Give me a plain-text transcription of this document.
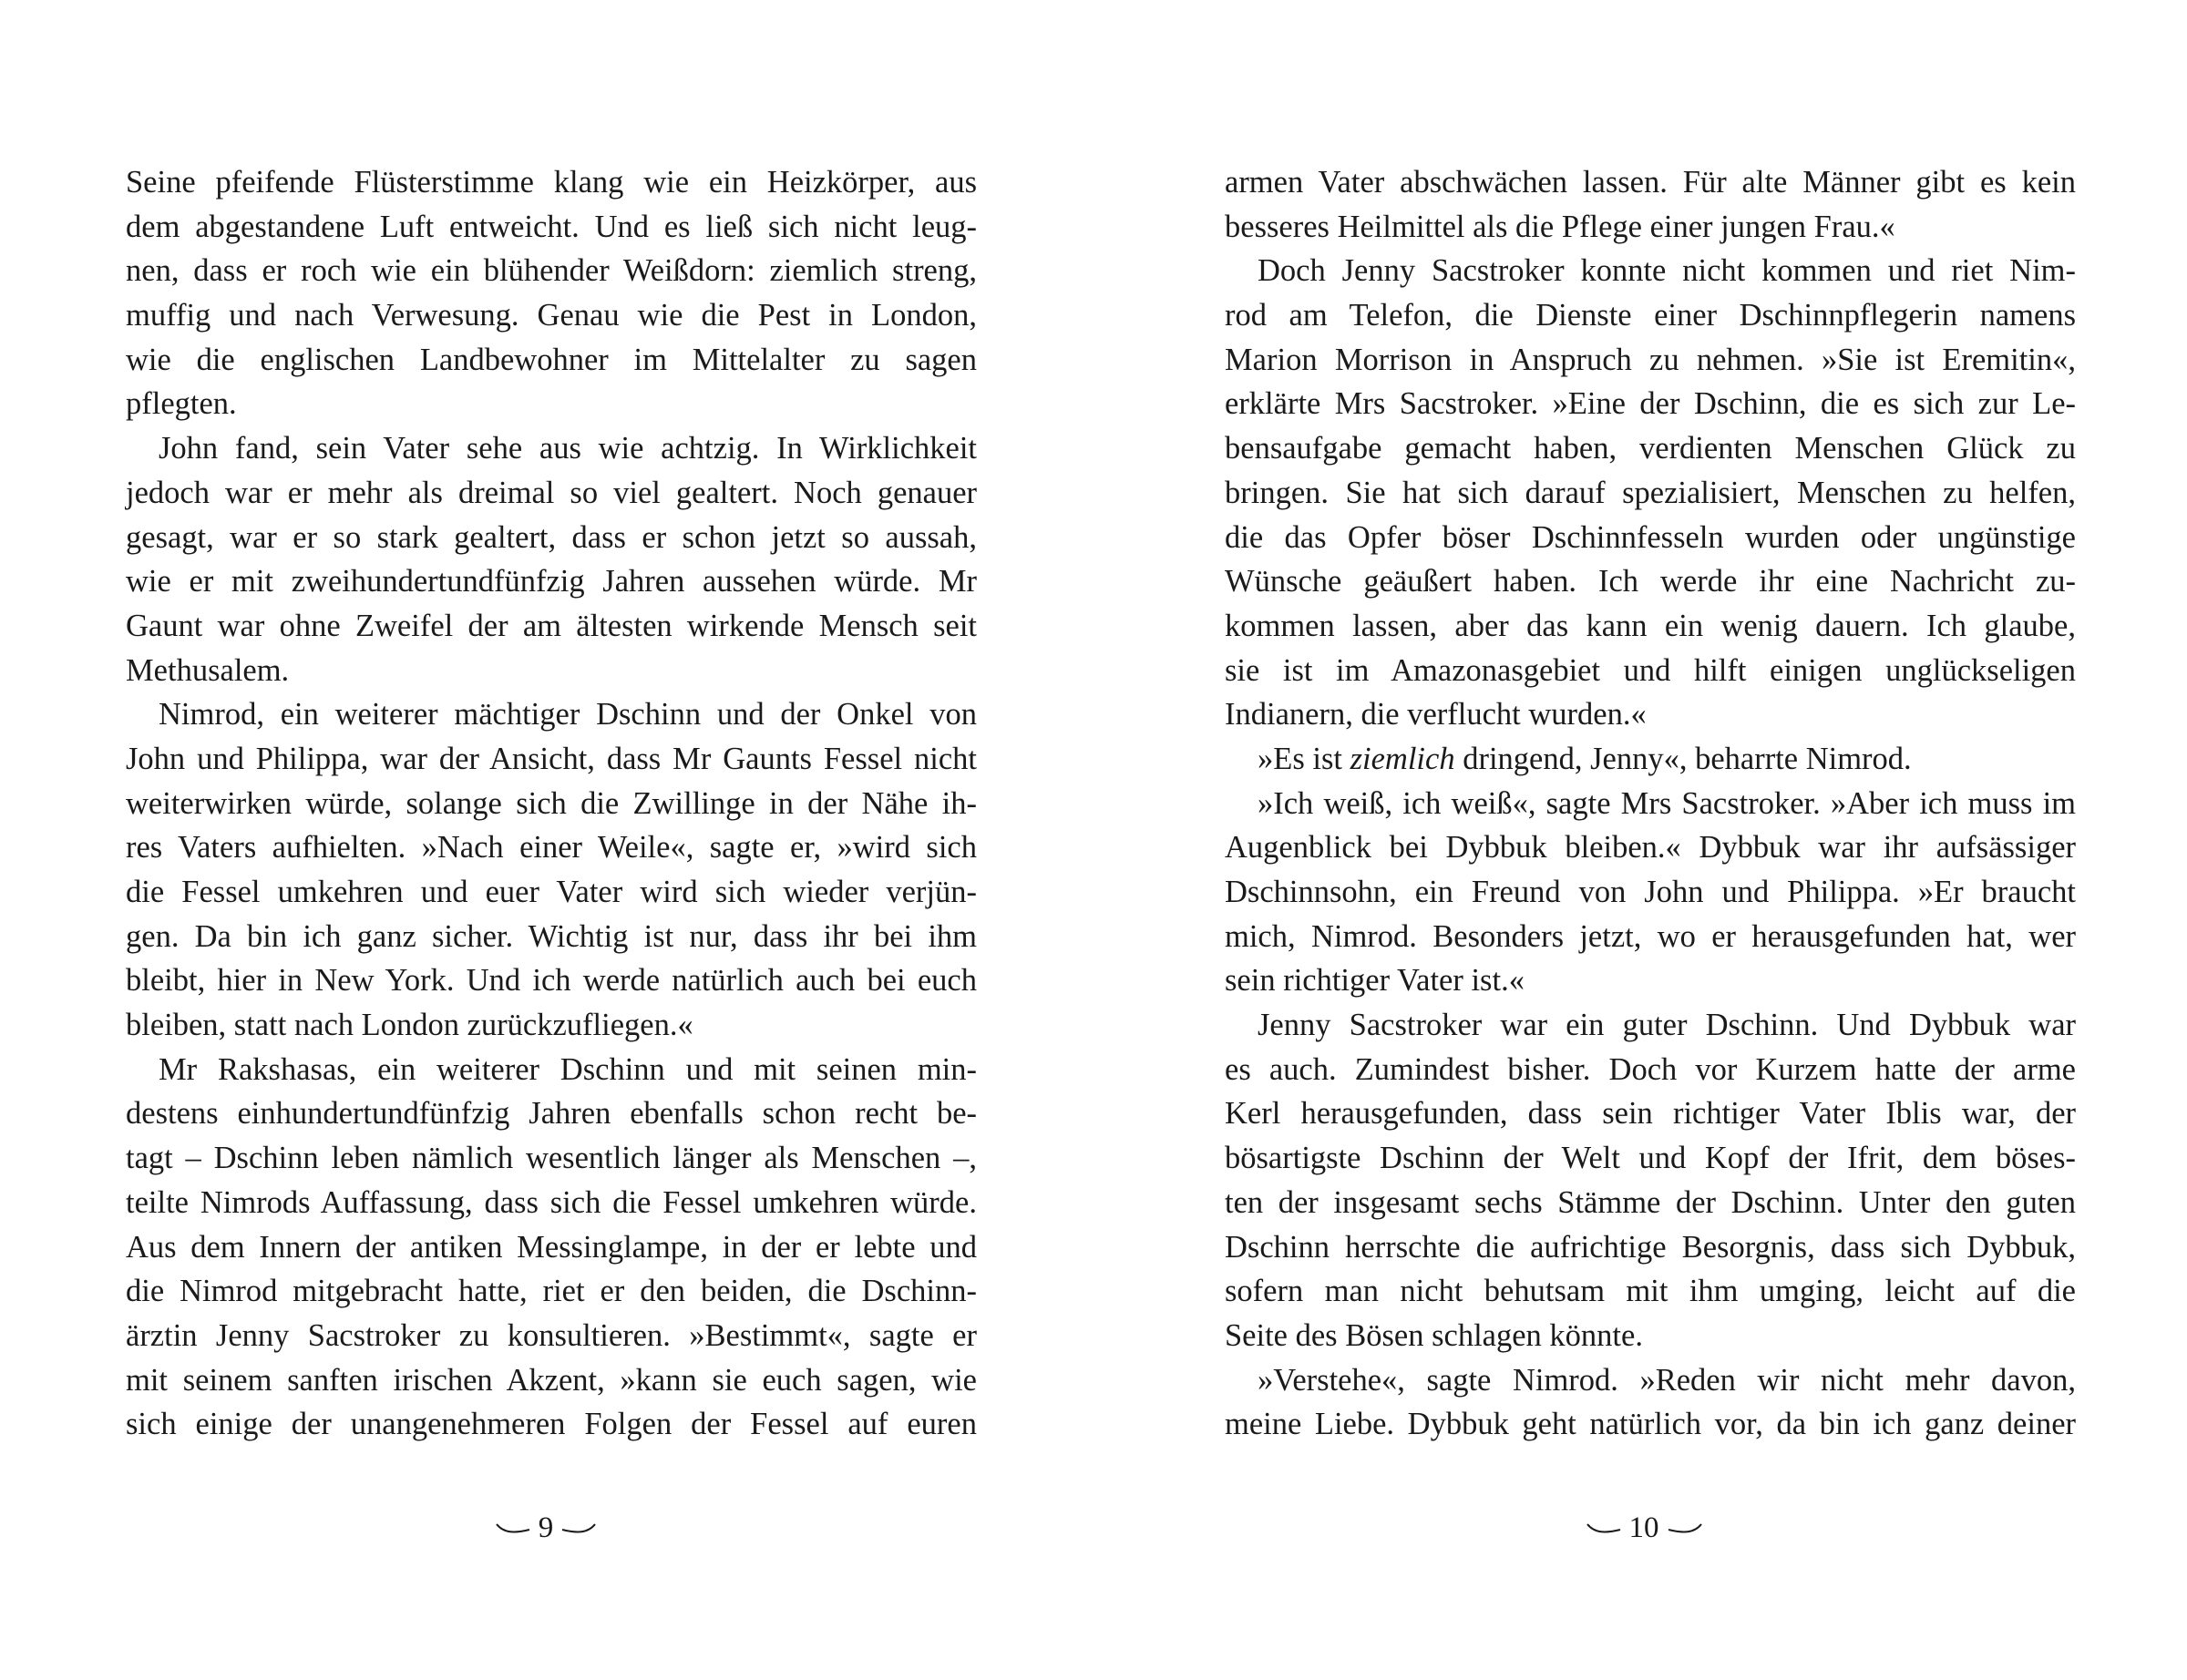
Seine pfeifende Flüsterstimme klang wie ein Heizkörper, aus
dem abgestandene Luft entweicht. Und es ließ sich nicht leug-
nen, dass er roch wie ein blühender Weißdorn: ziemlich streng,
muffig und nach Verwesung. Genau wie die Pest in London,
wie die englischen Landbewohner im Mittelalter zu sagen
pflegten.
John fand, sein Vater sehe aus wie achtzig. In Wirklichkeit
jedoch war er mehr als dreimal so viel gealtert. Noch genauer
gesagt, war er so stark gealtert, dass er schon jetzt so aussah,
wie er mit zweihundertundfünfzig Jahren aussehen würde. Mr
Gaunt war ohne Zweifel der am ältesten wirkende Mensch seit
Methusalem.
Nimrod, ein weiterer mächtiger Dschinn und der Onkel von
John und Philippa, war der Ansicht, dass Mr Gaunts Fessel nicht
weiterwirken würde, solange sich die Zwillinge in der Nähe ih-
res Vaters aufhielten. »Nach einer Weile«, sagte er, »wird sich
die Fessel umkehren und euer Vater wird sich wieder verjün-
gen. Da bin ich ganz sicher. Wichtig ist nur, dass ihr bei ihm
bleibt, hier in New York. Und ich werde natürlich auch bei euch
bleiben, statt nach London zurückzufliegen.«
Mr Rakshasas, ein weiterer Dschinn und mit seinen min-
destens einhundertundfünfzig Jahren ebenfalls schon recht be-
tagt – Dschinn leben nämlich wesentlich länger als Menschen –,
teilte Nimrods Auffassung, dass sich die Fessel umkehren würde.
Aus dem Innern der antiken Messinglampe, in der er lebte und
die Nimrod mitgebracht hatte, riet er den beiden, die Dschinn-
ärztin Jenny Sacstroker zu konsultieren. »Bestimmt«, sagte er
mit seinem sanften irischen Akzent, »kann sie euch sagen, wie
sich einige der unangenehmeren Folgen der Fessel auf euren
9
armen Vater abschwächen lassen. Für alte Männer gibt es kein
besseres Heilmittel als die Pflege einer jungen Frau.«
Doch Jenny Sacstroker konnte nicht kommen und riet Nim-
rod am Telefon, die Dienste einer Dschinnpflegerin namens
Marion Morrison in Anspruch zu nehmen. »Sie ist Eremitin«,
erklärte Mrs Sacstroker. »Eine der Dschinn, die es sich zur Le-
bensaufgabe gemacht haben, verdienten Menschen Glück zu
bringen. Sie hat sich darauf spezialisiert, Menschen zu helfen,
die das Opfer böser Dschinnfesseln wurden oder ungünstige
Wünsche geäußert haben. Ich werde ihr eine Nachricht zu-
kommen lassen, aber das kann ein wenig dauern. Ich glaube,
sie ist im Amazonasgebiet und hilft einigen unglückseligen
Indianern, die verflucht wurden.«
»Es ist ziemlich dringend, Jenny«, beharrte Nimrod.
»Ich weiß, ich weiß«, sagte Mrs Sacstroker. »Aber ich muss im
Augenblick bei Dybbuk bleiben.« Dybbuk war ihr aufsässiger
Dschinnsohn, ein Freund von John und Philippa. »Er braucht
mich, Nimrod. Besonders jetzt, wo er herausgefunden hat, wer
sein richtiger Vater ist.«
Jenny Sacstroker war ein guter Dschinn. Und Dybbuk war
es auch. Zumindest bisher. Doch vor Kurzem hatte der arme
Kerl herausgefunden, dass sein richtiger Vater Iblis war, der
bösartigste Dschinn der Welt und Kopf der Ifrit, dem böses-
ten der insgesamt sechs Stämme der Dschinn. Unter den guten
Dschinn herrschte die aufrichtige Besorgnis, dass sich Dybbuk,
sofern man nicht behutsam mit ihm umging, leicht auf die
Seite des Bösen schlagen könnte.
»Verstehe«, sagte Nimrod. »Reden wir nicht mehr davon,
meine Liebe. Dybbuk geht natürlich vor, da bin ich ganz deiner
10
